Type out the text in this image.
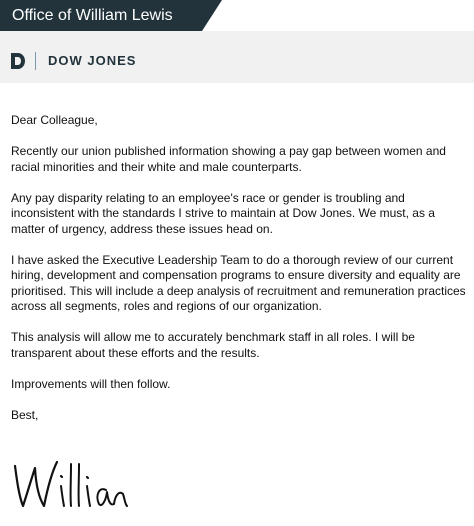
Office of William Lewis
DOW JONES

Dear Colleague,

Recently our union published information showing a pay gap between women and racial minorities and their white and male counterparts.

Any pay disparity relating to an employee's race or gender is troubling and inconsistent with the standards I strive to maintain at Dow Jones. We must, as a matter of urgency, address these issues head on.

I have asked the Executive Leadership Team to do a thorough review of our current hiring, development and compensation programs to ensure diversity and equality are prioritised. This will include a deep analysis of recruitment and remuneration practices across all segments, roles and regions of our organization.

This analysis will allow me to accurately benchmark staff in all roles. I will be transparent about these efforts and the results.

Improvements will then follow.

Best,
